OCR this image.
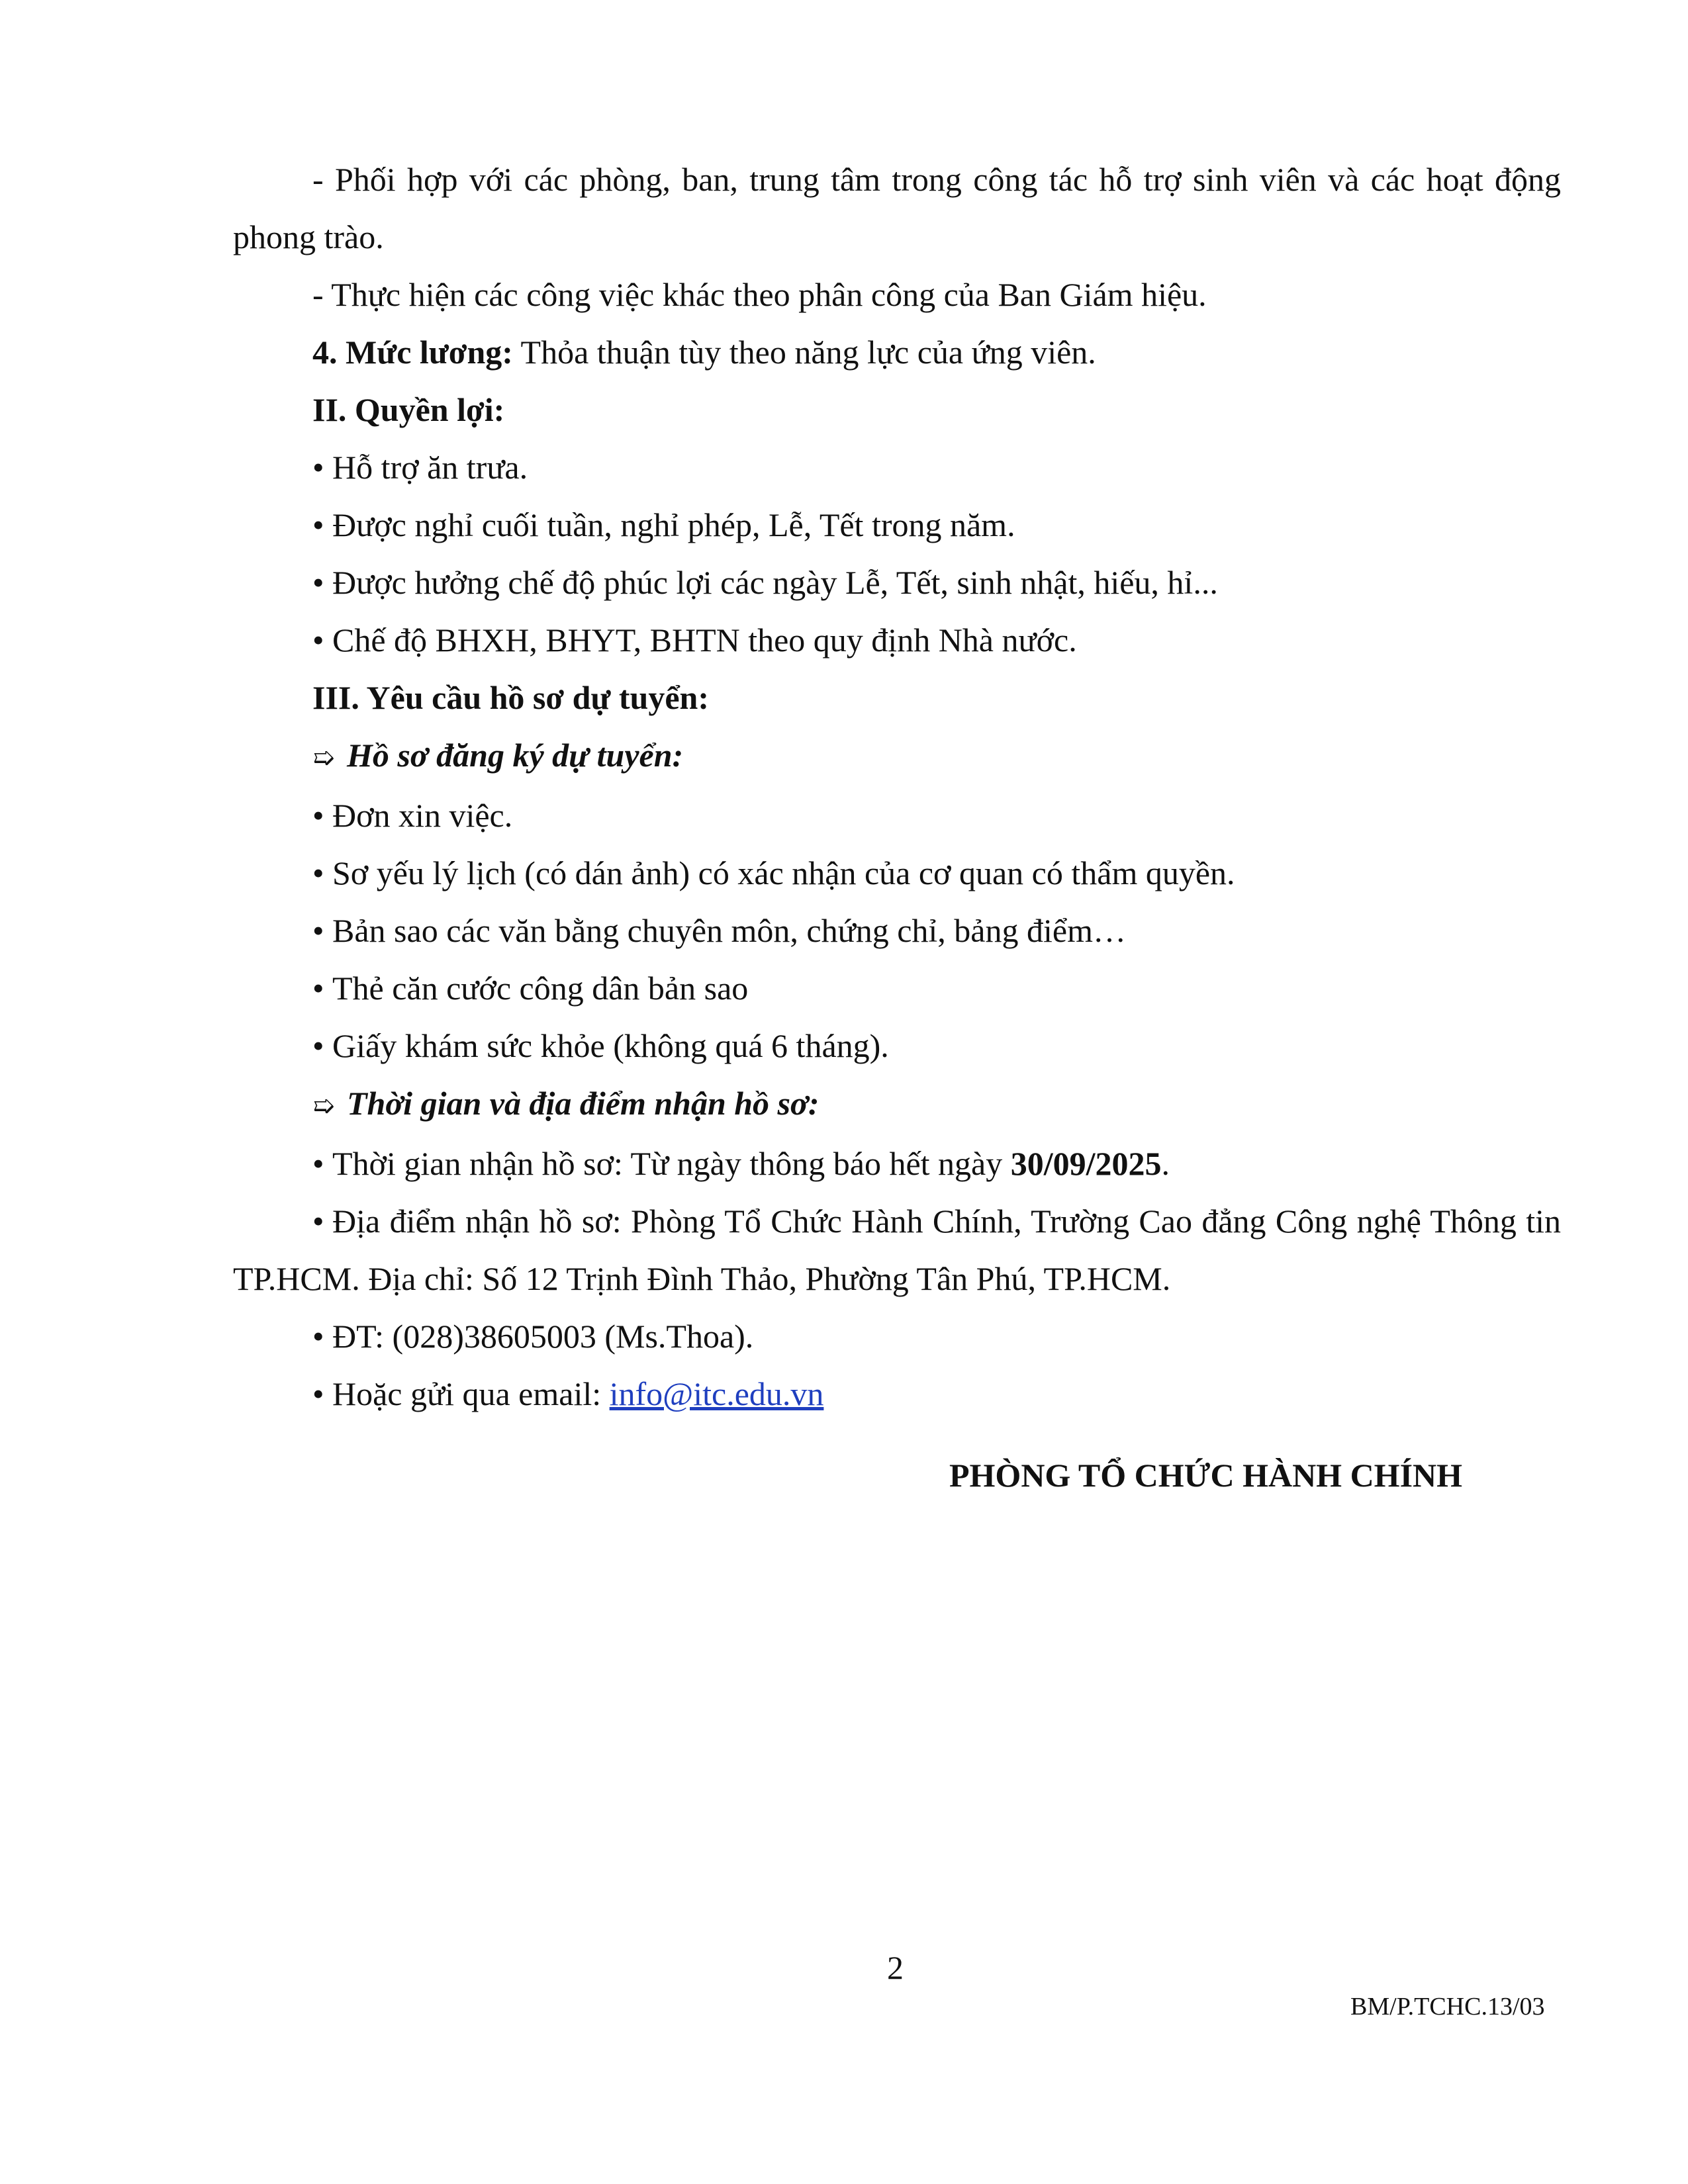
- Phối hợp với các phòng, ban, trung tâm trong công tác hỗ trợ sinh viên và các hoạt động phong trào.

- Thực hiện các công việc khác theo phân công của Ban Giám hiệu.

4. Mức lương: Thỏa thuận tùy theo năng lực của ứng viên.

II. Quyền lợi:

• Hỗ trợ ăn trưa.

• Được nghỉ cuối tuần, nghỉ phép, Lễ, Tết trong năm.

• Được hưởng chế độ phúc lợi các ngày Lễ, Tết, sinh nhật, hiếu, hỉ...

• Chế độ BHXH, BHYT, BHTN theo quy định Nhà nước.

III. Yêu cầu hồ sơ dự tuyển:

➯ Hồ sơ đăng ký dự tuyển:

• Đơn xin việc.

• Sơ yếu lý lịch (có dán ảnh) có xác nhận của cơ quan có thẩm quyền.

• Bản sao các văn bằng chuyên môn, chứng chỉ, bảng điểm…

• Thẻ căn cước công dân bản sao

• Giấy khám sức khỏe (không quá 6 tháng).

➯ Thời gian và địa điểm nhận hồ sơ:

• Thời gian nhận hồ sơ: Từ ngày thông báo hết ngày 30/09/2025.

• Địa điểm nhận hồ sơ: Phòng Tổ Chức Hành Chính, Trường Cao đẳng Công nghệ Thông tin TP.HCM. Địa chỉ: Số 12 Trịnh Đình Thảo, Phường Tân Phú, TP.HCM.

• ĐT: (028)38605003 (Ms.Thoa).

• Hoặc gửi qua email: info@itc.edu.vn

PHÒNG TỔ CHỨC HÀNH CHÍNH
2
BM/P.TCHC.13/03
